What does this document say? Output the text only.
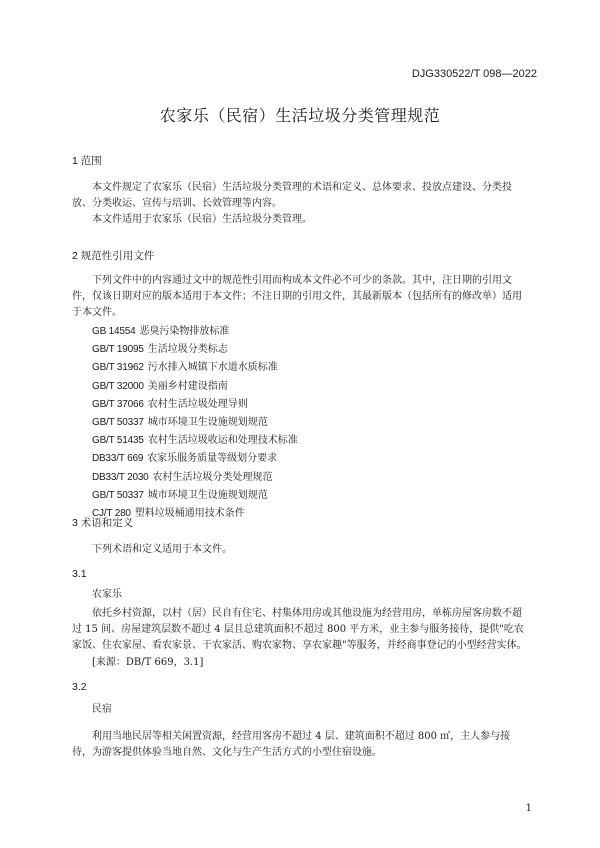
DJG330522/T 098—2022
农家乐（民宿）生活垃圾分类管理规范
1 范围
本文件规定了农家乐（民宿）生活垃圾分类管理的术语和定义、总体要求、投放点建设、分类投放、分类收运、宣传与培训、长效管理等内容。
本文件适用于农家乐（民宿）生活垃圾分类管理。
2 规范性引用文件
下列文件中的内容通过文中的规范性引用而构成本文件必不可少的条款。其中，注日期的引用文件，仅该日期对应的版本适用于本文件；不注日期的引用文件，其最新版本（包括所有的修改单）适用于本文件。
GB 14554 恶臭污染物排放标准
GB/T 19095 生活垃圾分类标志
GB/T 31962 污水排入城镇下水道水质标准
GB/T 32000 美丽乡村建设指南
GB/T 37066 农村生活垃圾处理导则
GB/T 50337 城市环境卫生设施规划规范
GB/T 51435 农村生活垃圾收运和处理技术标准
DB33/T 669 农家乐服务质量等级划分要求
DB33/T 2030 农村生活垃圾分类处理规范
GB/T 50337 城市环境卫生设施规划规范
CJ/T 280 塑料垃圾桶通用技术条件
3 术语和定义
下列术语和定义适用于本文件。
3.1
农家乐
依托乡村资源，以村（居）民自有住宅、村集体用房或其他设施为经营用房，单栋房屋客房数不超过 15 间、房屋建筑层数不超过 4 层且总建筑面积不超过 800 平方米，业主参与服务接待，提供"吃农家饭、住农家屋、看农家景、干农家活、购农家物、享农家趣"等服务，并经商事登记的小型经营实体。
[来源：DB/T 669，3.1]
3.2
民宿
利用当地民居等相关闲置资源，经营用客房不超过 4 层、建筑面积不超过 800 ㎡，主人参与接待，为游客提供体验当地自然、文化与生产生活方式的小型住宿设施。
1
